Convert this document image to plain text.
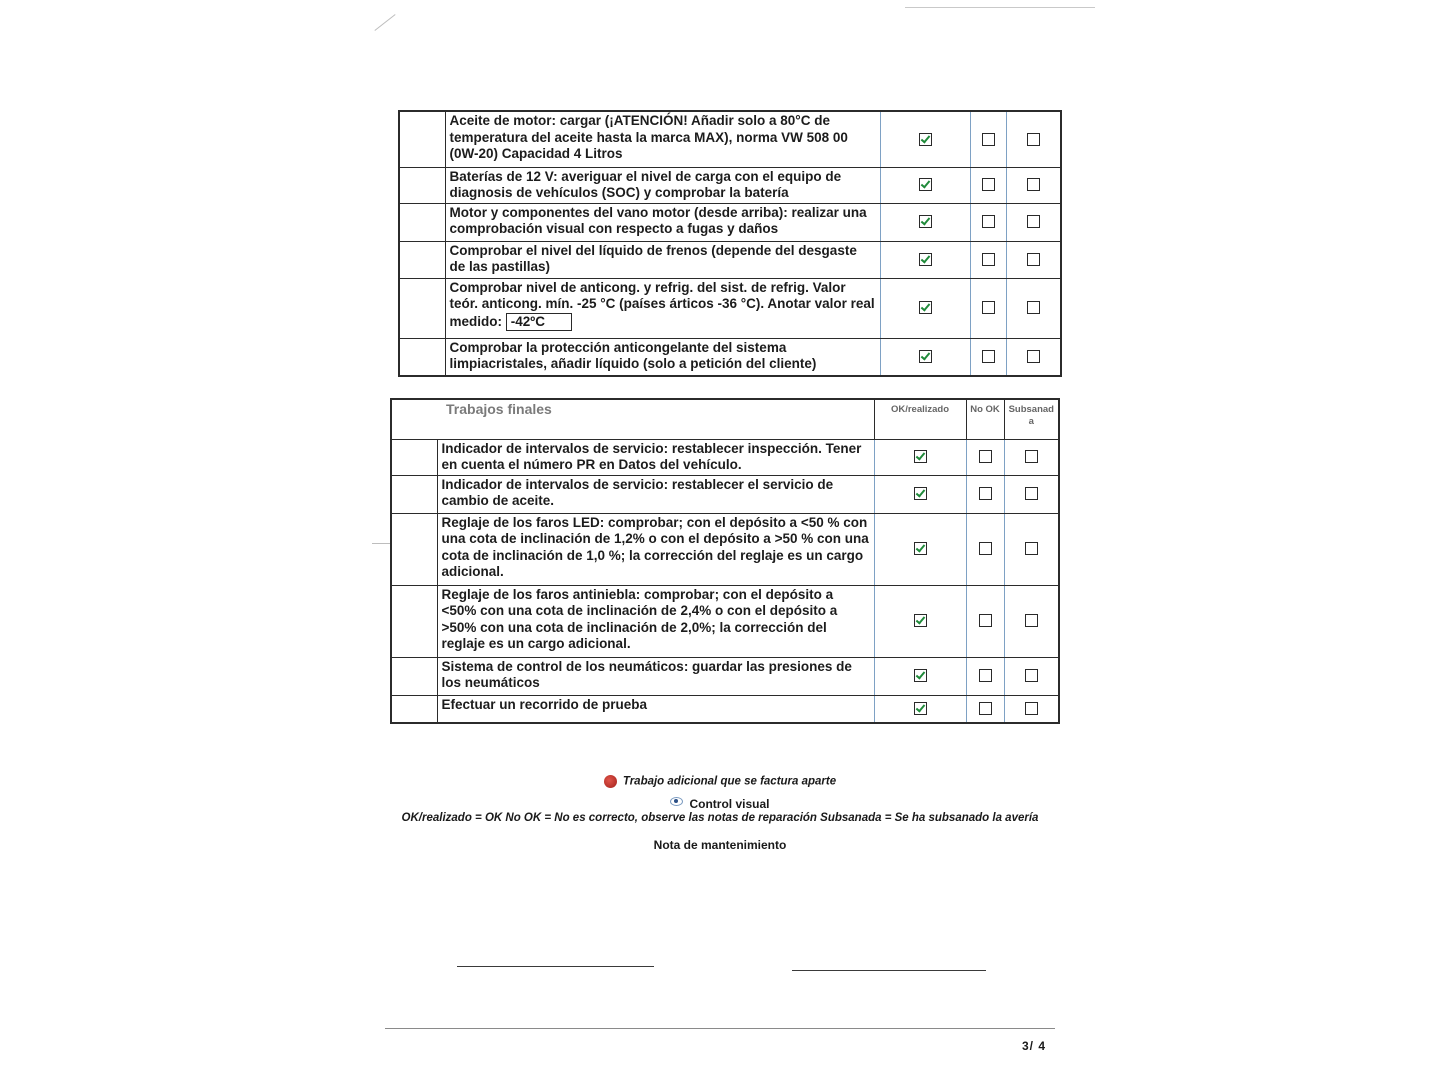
	Aceite de motor: cargar (¡ATENCIÓN! Añadir solo a 80°C de temperatura del aceite hasta la marca MAX), norma VW 508 00 (0W-20) Capacidad 4 Litros			
	Baterías de 12 V: averiguar el nivel de carga con el equipo de diagnosis de vehículos (SOC) y comprobar la batería			
	Motor y componentes del vano motor (desde arriba): realizar una comprobación visual con respecto a fugas y daños			
	Comprobar el nivel del líquido de frenos (depende del desgaste de las pastillas)			
	Comprobar nivel de anticong. y refrig. del sist. de refrig. Valor teór. anticong. mín. -25 °C (países árticos -36 °C). Anotar valor real medido: -42ºC			
	Comprobar la protección anticongelante del sistema limpiacristales, añadir líquido (solo a petición del cliente)			
Trabajos finales		OK/realizado	No OK	Subsanad a
	Indicador de intervalos de servicio: restablecer inspección. Tener en cuenta el número PR en Datos del vehículo.			
	Indicador de intervalos de servicio: restablecer el servicio de cambio de aceite.			
	Reglaje de los faros LED: comprobar; con el depósito a <50 % con una cota de inclinación de 1,2% o con el depósito a >50 % con una cota de inclinación de 1,0 %; la corrección del reglaje es un cargo adicional.			
	Reglaje de los faros antiniebla: comprobar; con el depósito a <50% con una cota de inclinación de 2,4% o con el depósito a >50% con una cota de inclinación de 2,0%; la corrección del reglaje es un cargo adicional.			
	Sistema de control de los neumáticos: guardar las presiones de los neumáticos			
	Efectuar un recorrido de prueba			
Trabajo adicional que se factura aparte
Control visual
OK/realizado = OK No OK = No es correcto, observe las notas de reparación Subsanada = Se ha subsanado la avería
Nota de mantenimiento
3/ 4
